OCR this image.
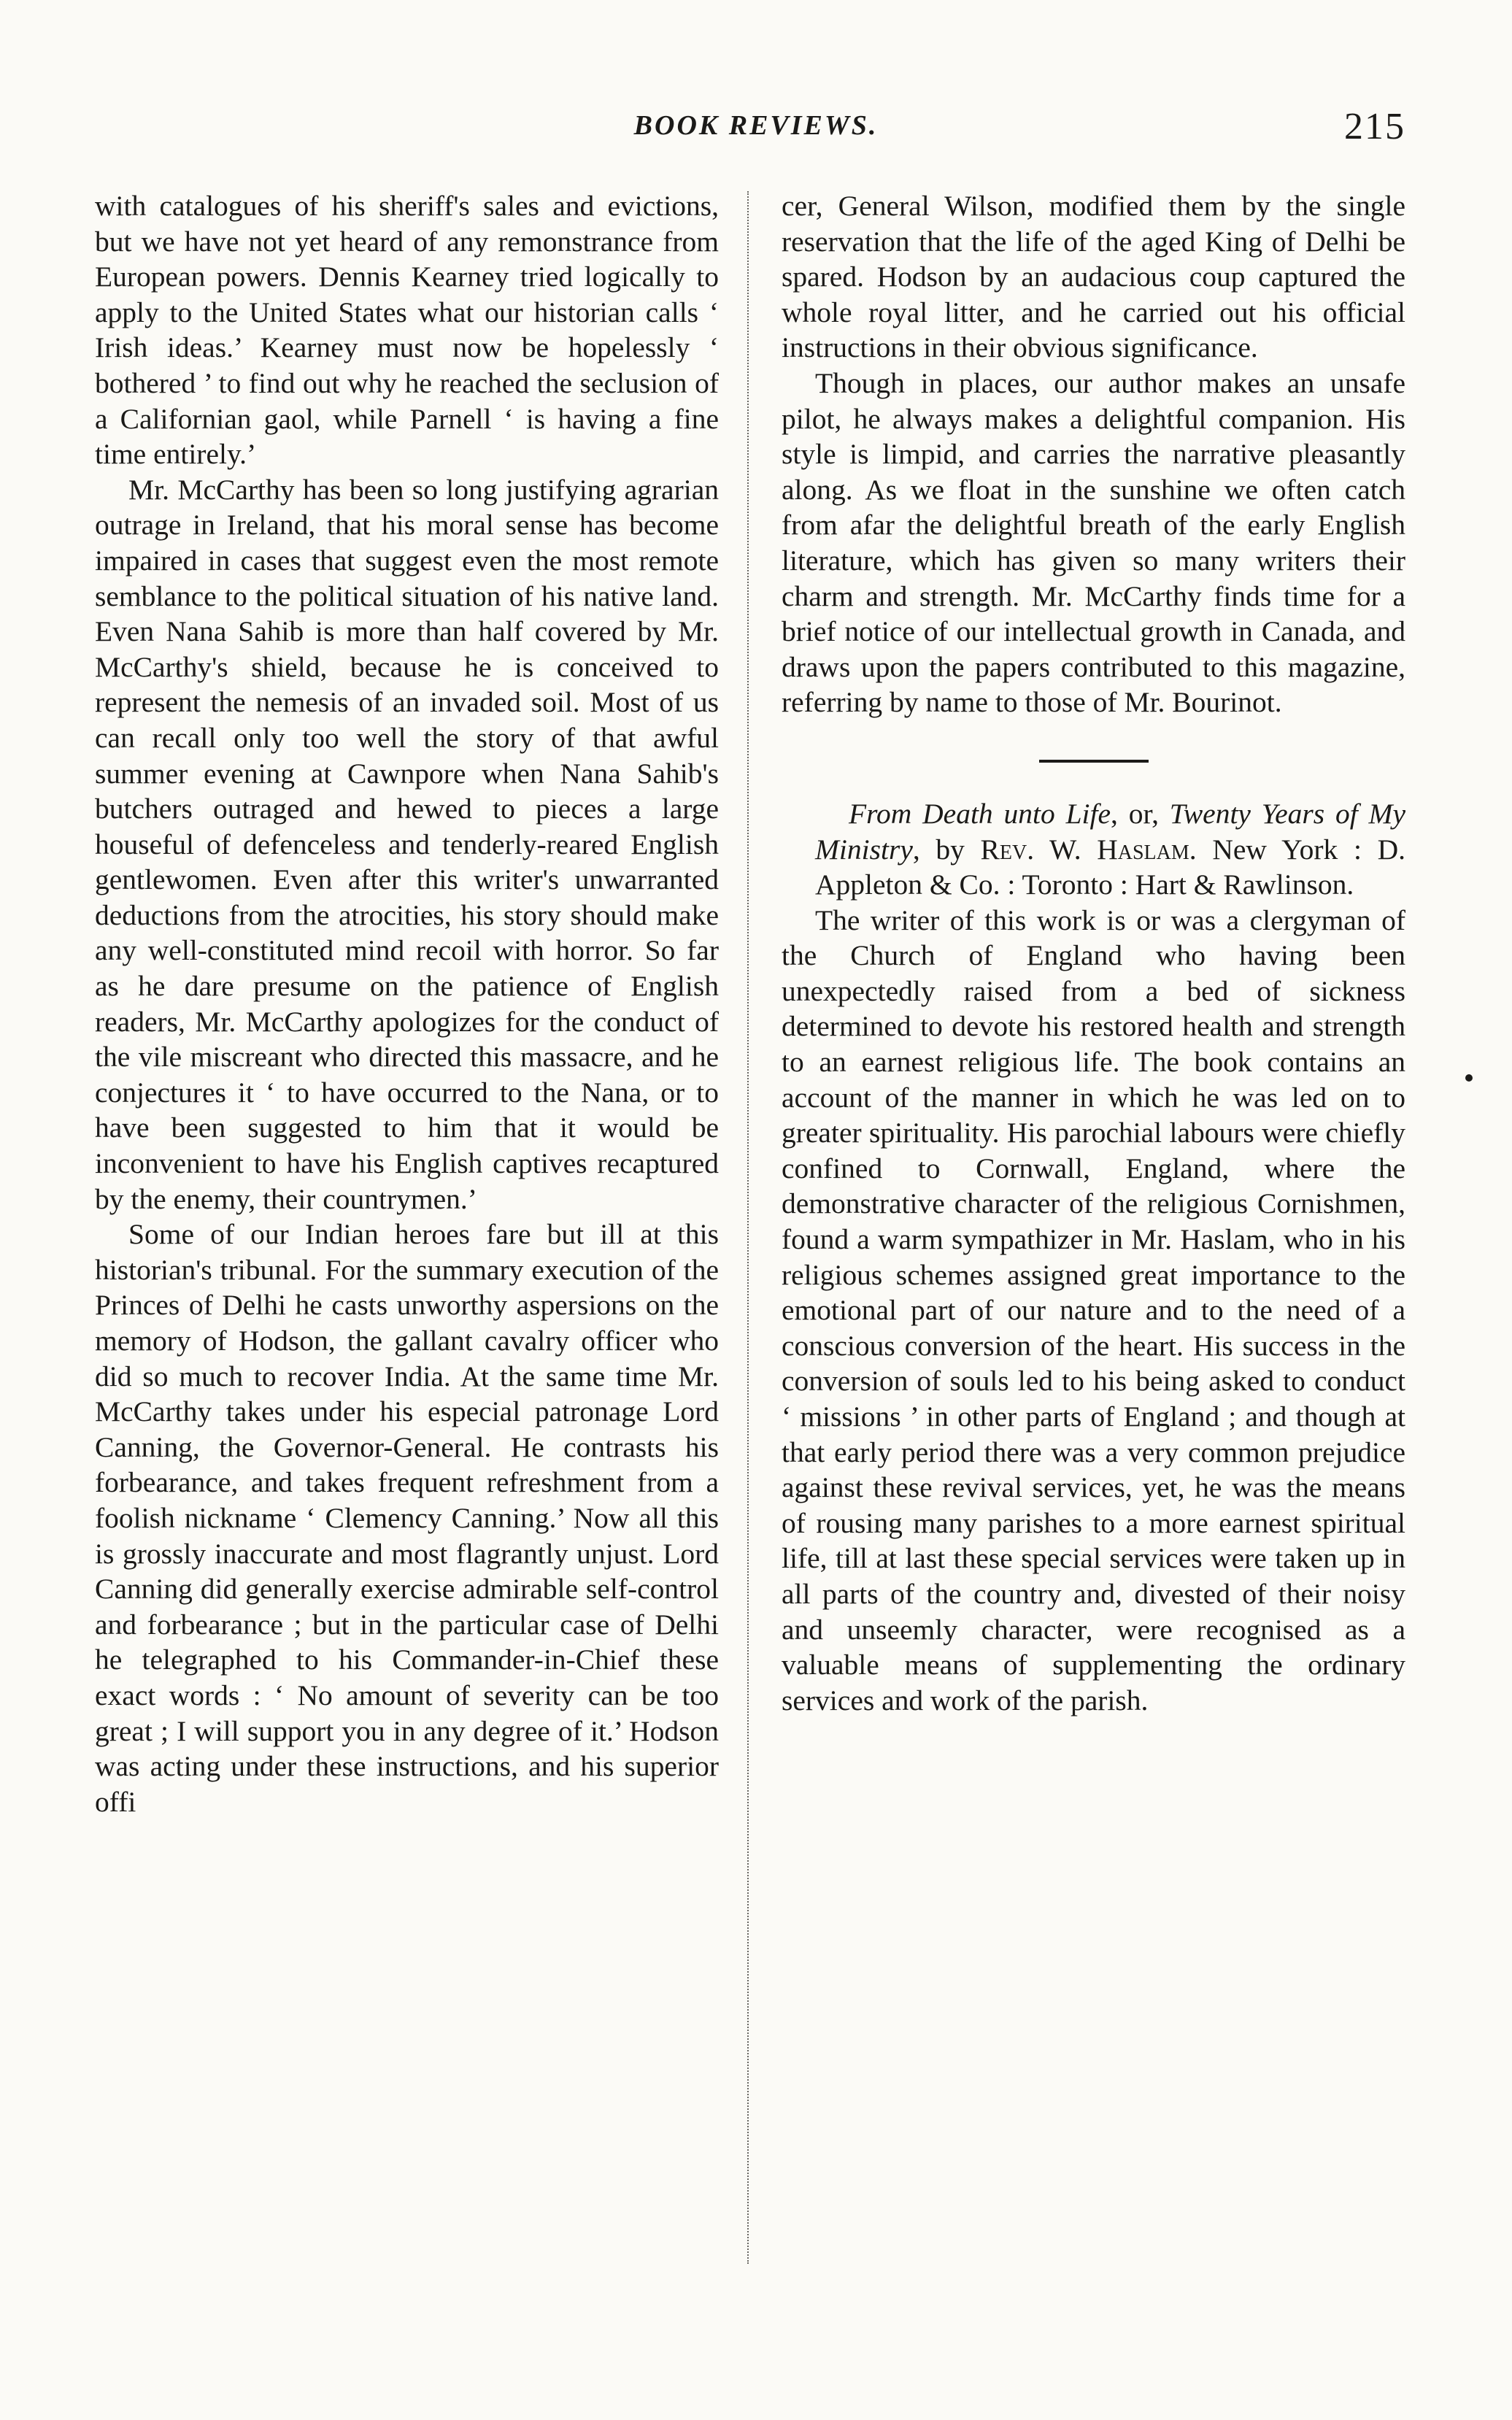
BOOK REVIEWS.	215

with catalogues of his sheriff's sales and evictions, but we have not yet heard of any remonstrance from European powers. Dennis Kearney tried logically to apply to the United States what our historian calls ‘ Irish ideas.’ Kearney must now be hopelessly ‘ bothered ’ to find out why he reached the seclusion of a Californian gaol, while Parnell ‘ is having a fine time entirely.’

Mr. McCarthy has been so long justifying agrarian outrage in Ireland, that his moral sense has become impaired in cases that suggest even the most remote semblance to the political situation of his native land. Even Nana Sahib is more than half covered by Mr. McCarthy's shield, because he is conceived to represent the nemesis of an invaded soil. Most of us can recall only too well the story of that awful summer evening at Cawnpore when Nana Sahib's butchers outraged and hewed to pieces a large houseful of defenceless and tenderly-reared English gentlewomen. Even after this writer's unwarranted deductions from the atrocities, his story should make any well-constituted mind recoil with horror. So far as he dare presume on the patience of English readers, Mr. McCarthy apologizes for the conduct of the vile miscreant who directed this massacre, and he conjectures it ‘ to have occurred to the Nana, or to have been suggested to him that it would be inconvenient to have his English captives recaptured by the enemy, their countrymen.’

Some of our Indian heroes fare but ill at this historian's tribunal. For the summary execution of the Princes of Delhi he casts unworthy aspersions on the memory of Hodson, the gallant cavalry officer who did so much to recover India. At the same time Mr. McCarthy takes under his especial patronage Lord Canning, the Governor-General. He contrasts his forbearance, and takes frequent refreshment from a foolish nickname ‘ Clemency Canning.’ Now all this is grossly inaccurate and most flagrantly unjust. Lord Canning did generally exercise admirable self-control and forbearance ; but in the particular case of Delhi he telegraphed to his Commander-in-Chief these exact words : ‘ No amount of severity can be too great ; I will support you in any degree of it.’ Hodson was acting under these instructions, and his superior offi

cer, General Wilson, modified them by the single reservation that the life of the aged King of Delhi be spared. Hodson by an audacious coup captured the whole royal litter, and he carried out his official instructions in their obvious significance.

Though in places, our author makes an unsafe pilot, he always makes a delightful companion. His style is limpid, and carries the narrative pleasantly along. As we float in the sunshine we often catch from afar the delightful breath of the early English literature, which has given so many writers their charm and strength. Mr. McCarthy finds time for a brief notice of our intellectual growth in Canada, and draws upon the papers contributed to this magazine, referring by name to those of Mr. Bourinot.

From Death unto Life, or, Twenty Years of My Ministry, by Rev. W. Haslam. New York : D. Appleton & Co. : Toronto : Hart & Rawlinson.

The writer of this work is or was a clergyman of the Church of England who having been unexpectedly raised from a bed of sickness determined to devote his restored health and strength to an earnest religious life. The book contains an account of the manner in which he was led on to greater spirituality. His parochial labours were chiefly confined to Cornwall, England, where the demonstrative character of the religious Cornishmen, found a warm sympathizer in Mr. Haslam, who in his religious schemes assigned great importance to the emotional part of our nature and to the need of a conscious conversion of the heart. His success in the conversion of souls led to his being asked to conduct ‘ missions ’ in other parts of England ; and though at that early period there was a very common prejudice against these revival services, yet, he was the means of rousing many parishes to a more earnest spiritual life, till at last these special services were taken up in all parts of the country and, divested of their noisy and unseemly character, were recognised as a valuable means of supplementing the ordinary services and work of the parish.
